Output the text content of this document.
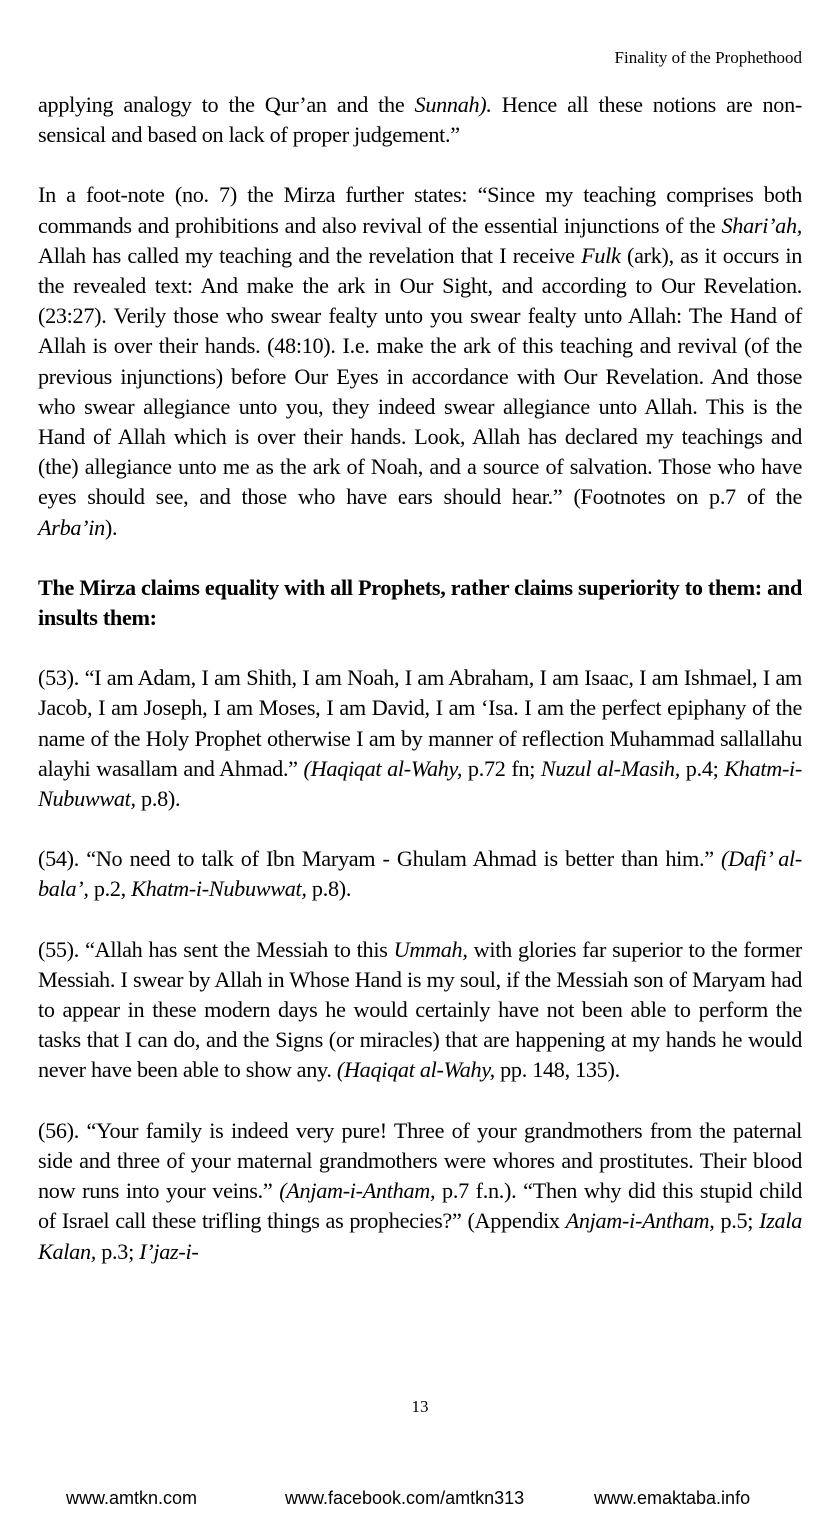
Finality of the Prophethood

applying analogy to the Qur’an and the Sunnah). Hence all these notions are non-sensical and based on lack of proper judgement.”

In a foot-note (no. 7) the Mirza further states: “Since my teaching comprises both commands and prohibitions and also revival of the essential injunctions of the Shari’ah, Allah has called my teaching and the revelation that I receive Fulk (ark), as it occurs in the revealed text: And make the ark in Our Sight, and according to Our Revelation. (23:27). Verily those who swear fealty unto you swear fealty unto Allah: The Hand of Allah is over their hands. (48:10). I.e. make the ark of this teaching and revival (of the previous injunctions) before Our Eyes in accordance with Our Revelation. And those who swear allegiance unto you, they indeed swear allegiance unto Allah. This is the Hand of Allah which is over their hands. Look, Allah has declared my teachings and (the) allegiance unto me as the ark of Noah, and a source of salvation. Those who have eyes should see, and those who have ears should hear.” (Footnotes on p.7 of the Arba’in).

The Mirza claims equality with all Prophets, rather claims superiority to them: and insults them:

(53). “I am Adam, I am Shith, I am Noah, I am Abraham, I am Isaac, I am Ishmael, I am Jacob, I am Joseph, I am Moses, I am David, I am ‘Isa. I am the perfect epiphany of the name of the Holy Prophet otherwise I am by manner of reflection Muhammad sallallahu alayhi wasallam and Ahmad.” (Haqiqat al-Wahy, p.72 fn; Nuzul al-Masih, p.4; Khatm-i-Nubuwwat, p.8).

(54). “No need to talk of Ibn Maryam - Ghulam Ahmad is better than him.” (Dafi’ al-bala’, p.2, Khatm-i-Nubuwwat, p.8).

(55). “Allah has sent the Messiah to this Ummah, with glories far superior to the former Messiah. I swear by Allah in Whose Hand is my soul, if the Messiah son of Maryam had to appear in these modern days he would certainly have not been able to perform the tasks that I can do, and the Signs (or miracles) that are happening at my hands he would never have been able to show any. (Haqiqat al-Wahy, pp. 148, 135).

(56). “Your family is indeed very pure! Three of your grandmothers from the paternal side and three of your maternal grandmothers were whores and prostitutes. Their blood now runs into your veins.” (Anjam-i-Antham, p.7 f.n.). “Then why did this stupid child of Israel call these trifling things as prophecies?” (Appendix Anjam-i-Antham, p.5; Izala Kalan, p.3; I’jaz-i-

13
www.amtkn.com	www.facebook.com/amtkn313	www.emaktaba.info
